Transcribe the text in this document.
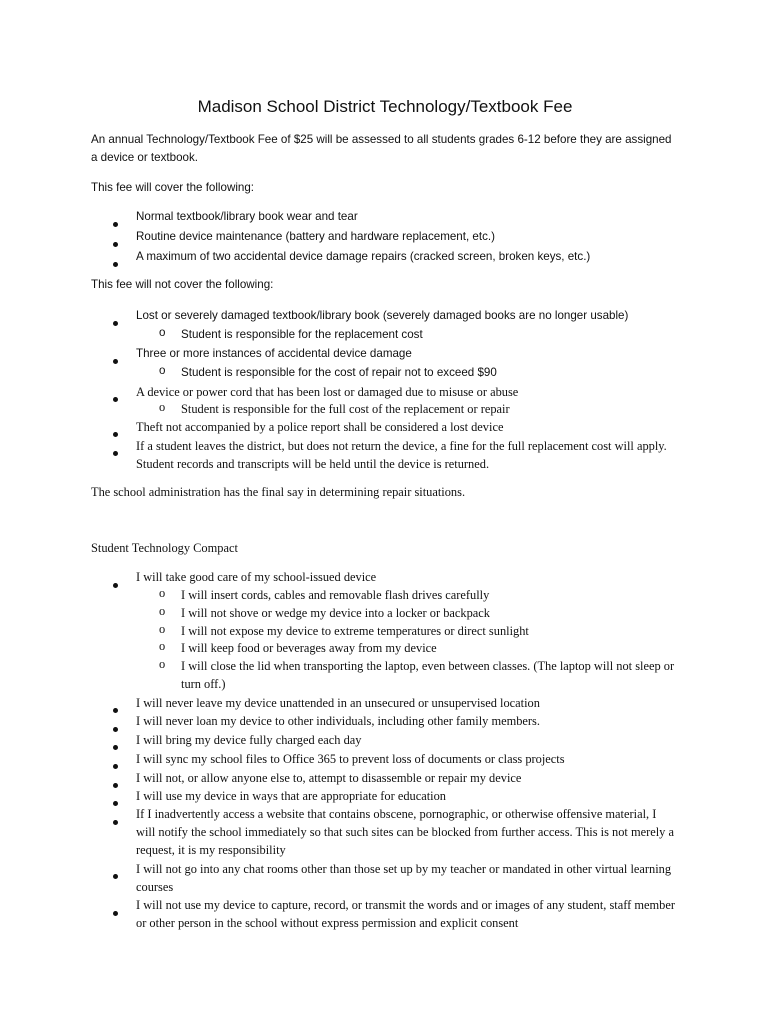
Madison School District Technology/Textbook Fee

An annual Technology/Textbook Fee of $25 will be assessed to all students grades 6-12 before they are assigned a device or textbook.

This fee will cover the following:

Normal textbook/library book wear and tear
Routine device maintenance (battery and hardware replacement, etc.)
A maximum of two accidental device damage repairs (cracked screen, broken keys, etc.)

This fee will not cover the following:

Lost or severely damaged textbook/library book (severely damaged books are no longer usable)
o Student is responsible for the replacement cost
Three or more instances of accidental device damage
o Student is responsible for the cost of repair not to exceed $90
A device or power cord that has been lost or damaged due to misuse or abuse
o Student is responsible for the full cost of the replacement or repair
Theft not accompanied by a police report shall be considered a lost device
If a student leaves the district, but does not return the device, a fine for the full replacement cost will apply. Student records and transcripts will be held until the device is returned.

The school administration has the final say in determining repair situations.

Student Technology Compact

I will take good care of my school-issued device
o I will insert cords, cables and removable flash drives carefully
o I will not shove or wedge my device into a locker or backpack
o I will not expose my device to extreme temperatures or direct sunlight
o I will keep food or beverages away from my device
o I will close the lid when transporting the laptop, even between classes. (The laptop will not sleep or turn off.)
I will never leave my device unattended in an unsecured or unsupervised location
I will never loan my device to other individuals, including other family members.
I will bring my device fully charged each day
I will sync my school files to Office 365 to prevent loss of documents or class projects
I will not, or allow anyone else to, attempt to disassemble or repair my device
I will use my device in ways that are appropriate for education
If I inadvertently access a website that contains obscene, pornographic, or otherwise offensive material, I will notify the school immediately so that such sites can be blocked from further access. This is not merely a request, it is my responsibility
I will not go into any chat rooms other than those set up by my teacher or mandated in other virtual learning courses
I will not use my device to capture, record, or transmit the words and or images of any student, staff member or other person in the school without express permission and explicit consent
